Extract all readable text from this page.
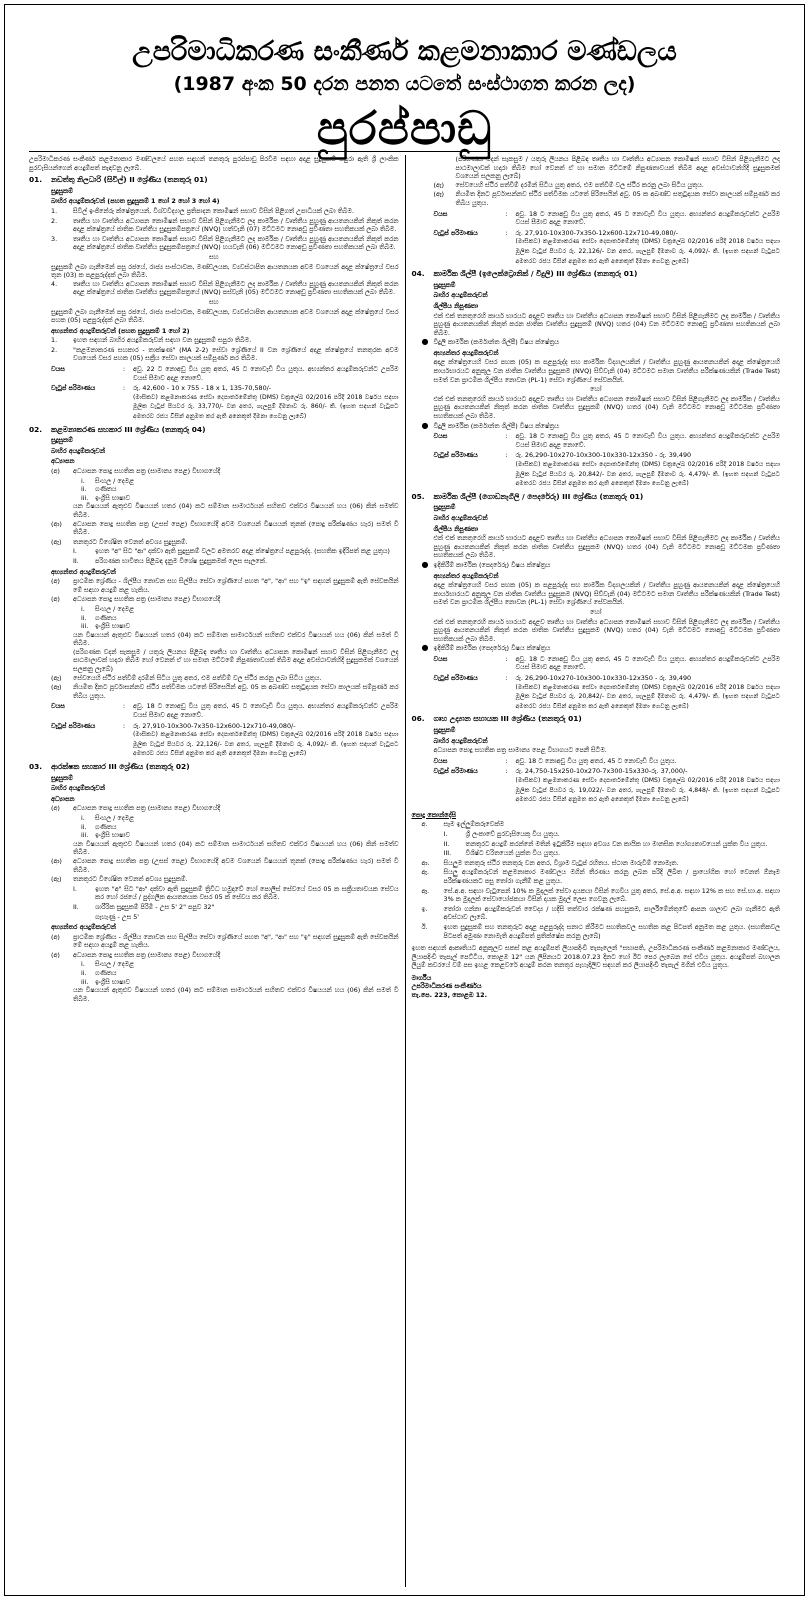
උපරිමාධිකරණ සංකීර්ණ කළමනාකාර මණ්ඩලය
(1987 අංක 50 දරන පනත යටතේ සංස්ථාගත කරන ලද)
පුරප්පාඩු
උපරිමාධිකරණ සංකීර්ණ කළමනාකාර මණ්ඩලයේ පහත සඳහන් තනතුරු පුරප්පාඩු පිරවීම සඳහා අදාළ සුදුසුකම් සපුරා ඇති ශ්‍රී ලාංකික පුරවැසියන්ගෙන් අයදුම්පත් කැඳවනු ලැබේ.
01.	නඩත්තු නිලධාරි (සිවිල්) II ශ්‍රේණිය (තනතුරු 01)
සුදුසුකම්
බාහිර අයදුම්කරුවන් (පහත සුදුසුකම් 1 හෝ 2 හෝ 3 හෝ 4)
1.	සිවිල් ඉංජිනේරු ක්ෂේත්‍රයෙන්, විශ්වවිද්‍යාල ප්‍රතිපාදන කොමිෂන් සභාව විසින් පිළිගත් උපාධියක් ලබා තිබීම.
2.	තෘතීය හා වෘත්තීය අධ්‍යාපන කොමිෂන් සභාව විසින් පිළිගැනීමට ලද කාර්මික / වෘත්තීය පුහුණු ආයතනයකින් නිකුත් කරන අදාළ ක්ෂේත්‍රයේ ජාතික වෘත්තීය සුදුසුකම්පත්‍රයේ (NVQ) හත්වැනි (07) මට්ටමට නොඅඩු ප්‍රවීණතා සහතිකයක් ලබා තිබීම.
3.	තෘතීය හා වෘත්තීය අධ්‍යාපන කොමිෂන් සභාව විසින් පිළිගැනීමට ලද කාර්මික / වෘත්තීය පුහුණු ආයතනයකින් නිකුත් කරන අදාළ ක්ෂේත්‍රයේ ජාතික වෘත්තීය සුදුසුකම්පත්‍රයේ (NVQ) හයවැනි (06) මට්ටමට නොඅඩු ප්‍රවීණතා සහතිකයක් ලබා තිබීම.
සහ
සුදුසුකම් ලබා ගැනීමෙන් පසු රජයේ, රාජ්‍ය සංස්ථාවක, මණ්ඩලයක, ව්‍යවස්ථාපිත ආයතනයක අවම වශයෙන් අදාළ ක්ෂේත්‍රයේ වසර තුන (03) ක පළපුරුද්දක් ලබා තිබීම.
4.	තෘතීය හා වෘත්තීය අධ්‍යාපන කොමිෂන් සභාව විසින් පිළිගැනීමට ලද කාර්මික / වෘත්තීය පුහුණු ආයතනයකින් නිකුත් කරන අදාළ ක්ෂේත්‍රයේ ජාතික වෘත්තීය සුදුසුකම්පත්‍රයේ (NVQ) පස්වැනි (05) මට්ටමට නොඅඩු ප්‍රවීණතා සහතිකයක් ලබා තිබීම.
සහ
සුදුසුකම් ලබා ගැනීමෙන් පසු රජයේ, රාජ්‍ය සංස්ථාවක, මණ්ඩලයක, ව්‍යවස්ථාපිත ආයතනයක අවම වශයෙන් අදාළ ක්ෂේත්‍රයේ වසර පහක (05) පළපුරුද්දක් ලබා තිබීම.
අභ්‍යන්තර අයදුම්කරුවන් (පහත සුදුසුකම් 1 හෝ 2)
1.	ඉහත සඳහන් බාහිර අයදුම්කරුවන් සඳහා වන සුදුසුකම් සපුරා තිබීම.
2.	"කළමනාකරණ සහකාර - තාක්ෂණ" (MA 2-2) සේවා ශ්‍රේණියේ II වන ශ්‍රේණියේ අදාළ ක්ෂේත්‍රයේ තනතුරක අවම වශයෙන් වසර පහක (05) සක්‍රීය සේවා කාලයක් සම්පූර්ණ කර තිබීම.
වයස	:	අවු. 22 ට නොඅඩු විය යුතු අතර, 45 ට නොවැඩි විය යුතුය. අභ්‍යන්තර අයදුම්කරුවන්ට උපරිම වයස් සීමාව අදාළ නොවේ.
වැටුප් පරිමාණය	:	රු. 42,600 - 10 x 755 - 18 x 1, 135-70,580/-
(මාසිකව) කළමනාකරණ සේවා දෙපාර්තමේන්තු (DMS) චක්‍රලේඛ 02/2016 පරිදි 2018 වර්ෂය සඳහා මූලික වැටුප් පියවර රු. 33,770/- වන අතර, ශැලපුම් දීමනාව රු. 860/- කි. (ඉහත සඳහන් වැටුපට අමතරව රජය විසින් අනුමත කර ඇති අනෙකුත් දීමනා ගෙවනු ලැබේ)
02.	කළමනාකරණ සහකාර III ශ්‍රේණිය (තනතුරු 04)
සුදුසුකම්
බාහිර අයදුම්කරුවන්
අධ්‍යාපන
(අ)	අධ්‍යාපන පොදු සහතික පත්‍ර (සාමාන්‍ය පෙළ) විභාගයේදී
i.	සිංහල / දෙමළ
ii.	ගණිතය
iii.	ඉංග්‍රීසි භාෂාව
යන විෂයයන් ඇතුළුව විෂයයන් හතර (04) කට සම්මාන සාමාර්ථයන් සහිතව එක්වර විෂයයන් හය (06) කින් සමත්ව තිබීම.
(ආ)	අධ්‍යාපන පොදු සහතික පත්‍ර (උසස් පෙළ) විභාගයේදී අවම වශයෙන් විෂයයන් තුනක් (පොදු පරීක්ෂණය හැර) සමත් වී තිබීම.
(ඇ)	තනතුරට විශේෂිත වෙනත් අවශ්‍ය සුදුසුකම්.
I.	ඉහත "අ" සිට "ආ" දක්වා ඇති සුදුසුකම් වලට අමතරව අදාළ ක්ෂේත්‍රයේ පළපුරුද්ද. (සහතික ඉදිරිපත් කළ යුතුය)
II.	පරිගණක භාවිතය පිළිබඳ දැනුම විශේෂ සුදුසුකමක් ලෙස සැලකේ.
අභ්‍යන්තර අයදුම්කරුවන්
(අ)	ප්‍රාථමික ශ්‍රේණිය - ශිල්පීය නොවන සහ සිල්පීය සේවා ශ්‍රේණියේ පහත "අ", "ආ" සහ "ඉ" සඳහන් සුදුසුකම් ඇති සේවකයින් මේ සඳහා අයදුම් කළ හැකිය.
(අ)	අධ්‍යාපන පොදු සහතික පත්‍ර (සාමාන්‍ය පෙළ) විභාගයේදී
i.	සිංහල / දෙමළ
ii.	ගණිතය
iii.	ඉංග්‍රීසි භාෂාව
යන විෂයයන් ඇතුළුව විෂයයන් හතර (04) කට සම්මාන සාමාර්ථයන් සහිතව එක්වර විෂයයන් හය (06) කින් සමත් වී තිබීම.
(පරිගණක වදන් සැකසුම / යතුරු ලියනය පිළිබඳ තෘතීය හා වෘත්තීය අධ්‍යාපන කොමිෂන් සභාව විසින් පිළිගැනීමට ලද පාඨමාලාවක් හදාරා තිබීම හෝ වෙනත් ඒ හා සමාන මට්ටමේ නිපුණතාවයක් තිබීම අදාළ අවස්ථාවන්හිදී සුදුසුකමක් වශයෙන් සලකනු ලැබේ)
(ඇ)	සේවයෙහි ස්ථිර පත්වීම් දරමින් සිටිය යුතු අතර, එම පත්වීම් වල ස්ථිර කරනු ලබා සිටිය යුතුය.
(ඈ)	නියමිත දිනට පූර්වාසන්නව ස්ථිර පත්වීමක යටතේ පිරිසෙයින් අවු. 05 ක අඛණ්ඩ සතුටුදායක සේවා කාලයක් සම්පූර්ණ කර තිබිය යුතුය.
වයස	:	අවු. 18 ට නොඅඩු විය යුතු අතර, 45 ට නොවැඩි විය යුතුය. අභ්‍යන්තර අයදුම්කරුවන්ට උපරිම වයස් සීමාව අදාළ නොවේ.
වැටුප් පරිමාණය	:	රු. 27,910-10x300-7x350-12x600-12x710-49,080/-
(මාසිකව) කළමනාකරණ සේවා දෙපාර්තමේන්තු (DMS) චක්‍රලේඛ 02/2016 පරිදි 2018 වර්ෂය සඳහා මූලික වැටුප් පියවර රු. 22,126/- වන අතර, ශැලපුම් දීමනාව රු. 4,092/- කි. (ඉහත සඳහන් වැටුපට අමතරව රජය විසින් අනුමත කර ඇති අනෙකුත් දීමනා ගෙවනු ලැබේ)
03.	ආරක්ෂක සහකාර III ශ්‍රේණිය (තනතුරු 02)
සුදුසුකම්
බාහිර අයදුම්කරුවන්
අධ්‍යාපන
(අ)	අධ්‍යාපන පොදු සහතික පත්‍ර (සාමාන්‍ය පෙළ) විභාගයේදී
i.	සිංහල / දෙමළ
ii.	ගණිතය
iii.	ඉංග්‍රීසි භාෂාව
යන විෂයයන් ඇතුළුව විෂයයන් හතර (04) කට සම්මාන සාමාර්ථයන් සහිතව එක්වර විෂයයන් හය (06) කින් සමත්ව තිබීම.
(ආ)	අධ්‍යාපන පොදු සහතික පත්‍ර (උසස් පෙළ) විභාගයේදී අවම වශයෙන් විෂයයන් තුනක් (පොදු පරීක්ෂණය හැර) සමත් වී තිබීම.
(ඇ)	තනතුරට විශේෂිත වෙනත් අවශ්‍ය සුදුසුකම්.
I.	ඉහත "අ" සිට "ආ" දක්වා ඇති සුදුසුකම් ත්‍රිවිධ හමුදාවේ හෝ පොලිස් සේවයේ වසර 05 ක සක්‍රීයතාවයක සේවය කර හෝ රජයේ / පුද්ගලික ආයතනයක වසර 05 ක් සේවය කර තිබීම.
II.	ශාරීරික සුදුසුකම් පිරිමි - උස 5' 2" පපුව 32"
ගැහැණු - උස 5'
අභ්‍යන්තර අයදුම්කරුවන්
(අ)	ප්‍රාථමික ශ්‍රේණිය - ශිල්පීය නොවන සහ සිල්පීය සේවා ශ්‍රේණියේ පහත "අ", "ආ" සහ "ඉ" සඳහන් සුදුසුකම් ඇති සේවකයින් මේ සඳහා අයදුම් කළ හැකිය.
(අ)	අධ්‍යාපන පොදු සහතික පත්‍ර (සාමාන්‍ය පෙළ) විභාගයේදී
i.	සිංහල / දෙමළ
ii.	ගණිතය
iii.	ඉංග්‍රීසි භාෂාව
යන විෂයයන් ඇතුළුව විෂයයන් හතර (04) කට සම්මාන සාමාර්ථයන් සහිතව එක්වර විෂයයන් හය (06) කින් සමත් වී තිබීම.
(පරිගණක වදන් සැකසුම / යතුරු ලියනය පිළිබඳ තෘතීය හා වෘත්තීය අධ්‍යාපන කොමිෂන් සභාව විසින් පිළිගැනීමට ලද පාඨමාලාවක් හදාරා තිබීම හෝ වෙනත් ඒ හා සමාන මට්ටමේ නිපුණතාවයක් තිබීම අදාළ අවස්ථාවන්හිදී සුදුසුකමක් වශයෙන් සලකනු ලැබේ)
(ඇ)	සේවයෙහි ස්ථිර පත්වීම් දරමින් සිටිය යුතු අතර, එම පත්වීම් වල ස්ථිර කරනු ලබා සිටිය යුතුය.
(ඈ)	නියමිත දිනට පූර්වාසන්නව ස්ථිර පත්වීමක යටතේ පිරිසෙයින් අවු. 05 ක අඛණ්ඩ සතුටුදායක සේවා කාලයක් සම්පූර්ණ කර තිබිය යුතුය.
වයස	:	අවු. 18 ට නොඅඩු විය යුතු අතර, 45 ට නොවැඩි විය යුතුය. අභ්‍යන්තර අයදුම්කරුවන්ට උපරිම වයස් සීමාව අදාළ නොවේ.
වැටුප් පරිමාණය	:	රු. 27,910-10x300-7x350-12x600-12x710-49,080/-
(මාසිකව) කළමනාකරණ සේවා දෙපාර්තමේන්තු (DMS) චක්‍රලේඛ 02/2016 පරිදි 2018 වර්ෂය සඳහා මූලික වැටුප් පියවර රු. 22,126/- වන අතර, ශැලපුම් දීමනාව රු. 4,092/- කි. (ඉහත සඳහන් වැටුපට අමතරව රජය විසින් අනුමත කර ඇති අනෙකුත් දීමනා ගෙවනු ලැබේ)
04.	කාර්මික ශිල්පී (ඉලෙක්ට්‍රොනික් / විදුලි) III ශ්‍රේණිය (තනතුරු 01)
සුදුසුකම්
බාහිර අයදුම්කරුවන්
ශිල්පීය නිපුණතා
එක් එක් තනතුරෙහි කාර්ය භාරයට අදාළව තෘතීය හා වෘත්තීය අධ්‍යාපන කොමිෂන් සභාව විසින් පිළිගැනීමට ලද කාර්මික / වෘත්තීය පුහුණු ආයතනයකින් නිකුත් කරන ජාතික වෘත්තීය සුදුසුකම් (NVQ) හතර (04) වන මට්ටමට නොඅඩු ප්‍රවීණතා සහතිකයක් ලබා තිබීම.
● විදුලි කාර්මික (කර්මාන්ත ශිල්පී) විෂය ක්ෂේත්‍රය
අභ්‍යන්තර අයදුම්කරුවන්
අදාළ ක්ෂේත්‍රයෙහි වසර පහක (05) ක පළපුරුද්ද සහ කාර්මික විද්‍යාලයකින් / වෘත්තීය පුහුණු ආයතනයකින් අදාළ ක්ෂේත්‍රයෙහි කාර්යභාරයට අනුකූල වන ජාතික වෘත්තීය සුදුසුකම (NVQ) සිව්වැනි (04) මට්ටමට සමාන වෘත්තීය පරීක්ෂණයකින් (Trade Test) සමත් වන ප්‍රාථමික ශිල්පීය නොවන (PL-1) සේවා ශ්‍රේණියේ සේවකයින්.
හෝ
එක් එක් තනතුරෙහි කාර්ය භාරයට අදාළව තෘතීය හා වෘත්තීය අධ්‍යාපන කොමිෂන් සභාව විසින් පිළිගැනීමට ලද කාර්මික / වෘත්තීය පුහුණු ආයතනයකින් නිකුත් කරන ජාතික වෘත්තීය සුදුසුකම් (NVQ) හතර (04) වැනි මට්ටමට නොඅඩු මට්ටමක ප්‍රවීණතා සහතිකයක් ලබා තිබීම.
● විදුලි කාර්මික (කර්මාන්ත ශිල්පී) විෂය ක්ෂේත්‍රය
වයස	:	අවු. 18 ට නොඅඩු විය යුතු අතර, 45 ට නොවැඩි විය යුතුය. අභ්‍යන්තර අයදුම්කරුවන්ට උපරිම වයස් සීමාව අදාළ නොවේ.
වැටුප් පරිමාණය	:	රු. 26,290-10x270-10x300-10x330-12x350 - රු. 39,490
(මාසිකව) කළමනාකරණ සේවා දෙපාර්තමේන්තු (DMS) චක්‍රලේඛ 02/2016 පරිදි 2018 වර්ෂය සඳහා මූලික වැටුප් පියවර රු. 20,842/- වන අතර, ශැලපුම් දීමනාව රු. 4,479/- කි. (ඉහත සඳහන් වැටුපට අමතරව රජය විසින් අනුමත කර ඇති අනෙකුත් දීමනා ගෙවනු ලැබේ)
05.	කාර්මික ශිල්පී (ගොඩනැගිලි / පෙදරේරු) III ශ්‍රේණිය (තනතුරු 01)
සුදුසුකම්
බාහිර අයදුම්කරුවන්
ශිල්පීය නිපුණතා
එක් එක් තනතුරෙහි කාර්ය භාරයට අදාළව තෘතීය හා වෘත්තීය අධ්‍යාපන කොමිෂන් සභාව විසින් පිළිගැනීමට ලද කාර්මික / වෘත්තීය පුහුණු ආයතනයකින් නිකුත් කරන ජාතික වෘත්තීය සුදුසුකම (NVQ) හතර (04) වැනි මට්ටමට නොඅඩු මට්ටමක ප්‍රවීණතා සහතිකයක් ලබා තිබීම.
● ඉදිකිරීම් කාර්මික (පෙදරේරු) විෂය ක්ෂේත්‍රය
අභ්‍යන්තර අයදුම්කරුවන්
අදාළ ක්ෂේත්‍රයෙහි වසර පහක (05) ක පළපුරුද්ද සහ කාර්මික විද්‍යාලයකින් / වෘත්තීය පුහුණු ආයතනයකින් අදාළ ක්ෂේත්‍රයෙහි කාර්යභාරයට අනුකූල වන ජාතික වෘත්තීය සුදුසුකම (NVQ) සිව්වැනි (04) මට්ටමට සමාන වෘත්තීය පරීක්ෂණයකින් (Trade Test) සමත් වන ප්‍රාථමික ශිල්පීය නොවන (PL-1) සේවා ශ්‍රේණියේ සේවකයින්.
හෝ
එක් එක් තනතුරෙහි කාර්ය භාරයට අදාළව තෘතීය හා වෘත්තීය අධ්‍යාපන කොමිෂන් සභාව විසින් පිළිගැනීමට ලද කාර්මික / වෘත්තීය පුහුණු ආයතනයකින් නිකුත් කරන ජාතික වෘත්තීය සුදුසුකම (NVQ) හතර (04) වැනි මට්ටමට නොඅඩු මට්ටමක ප්‍රවීණතා සහතිකයක් ලබා තිබීම.
● ඉදිකිරීම් කාර්මික (පෙදරේරු) විෂය ක්ෂේත්‍රය
වයස	:	අවු. 18 ට නොඅඩු විය යුතු අතර, 45 ට නොවැඩි විය යුතුය. අභ්‍යන්තර අයදුම්කරුවන්ට උපරිම වයස් සීමාව අදාළ නොවේ.
වැටුප් පරිමාණය	:	රු. 26,290-10x270-10x300-10x330-12x350 - රු. 39,490
(මාසිකව) කළමනාකරණ සේවා දෙපාර්තමේන්තු (DMS) චක්‍රලේඛ 02/2016 පරිදි 2018 වර්ෂය සඳහා මූලික වැටුප් පියවර රු. 20,842/- වන අතර, ශැලපුම් දීමනාව රු. 4,479/- කි. (ඉහත සඳහන් වැටුපට අමතරව රජය විසින් අනුමත කර ඇති අනෙකුත් දීමනා ගෙවනු ලැබේ)
06.	ගෘහ උද්‍යාන සහායක III ශ්‍රේණිය (තනතුරු 01)
සුදුසුකම්
බාහිර අයදුම්කරුවන්
අධ්‍යාපන පොදු සහතික පත්‍ර සාමාන්‍ය පෙළ විභාගයට පෙනී සිටීම.
වයස	:	අවු. 18 ට නොඅඩු විය යුතු අතර, 45 ට නොවැඩි විය යුතුය.
වැටුප් පරිමාණය	:	රු. 24,750-15x250-10x270-7x300-15x330-රු. 37,000/-
(මාසිකව) කළමනාකරණ සේවා දෙපාර්තමේන්තු (DMS) චක්‍රලේඛ 02/2016 පරිදි 2018 වර්ෂය සඳහා මූලික වැටුප් පියවර රු. 19,022/- වන අතර, ශැලපුම් දීමනාව රු. 4,848/- කි. (ඉහත සඳහන් වැටුපට අමතරව රජය විසින් අනුමත කර ඇති අනෙකුත් දීමනා ගෙවනු ලැබේ)
පොදු කොන්දේසි
අ.	සෑම ඉල්ලුම්කරුවෙක්ම
I.	ශ්‍රී ලංකාවේ පුරවැසියෙකු විය යුතුය.
II.	තනතුරට අයදුම් කරන්නේ මතින් ඉටුකිරීම සඳහා අවශ්‍ය වන කායික හා මානසික යෝග්‍යතාවයෙන් යුක්ත විය යුතුය.
III.	විශිෂ්ට චරිතයෙන් යුක්ත විය යුතුය.
ආ.	සියලුම තනතුරු ස්ථිර තනතුරු වන අතර, විශ්‍රාම වැටුප් රහිතය. ස්ථාන මාරුවීම් නොමැත.
ඇ.	සියලු අයදුම්කරුවන් කළමනාකාර මණ්ඩලය මගින් තීරණය කරනු ලබන පරිදි ලිඛිත / ප්‍රායෝගික හෝ වෙනත් ඕනෑම පරීක්ෂණයකට පසු තෝරා ගැනීම් කළ යුතුය.
ඈ.	සේ.අ.අ. සඳහා වැටුපෙන් 10% ක මුදලක් සේවා දායකයා විසින් ගෙවිය යුතු අතර, සේ.අ.අ. සඳහා 12% ක සහ සේ.භා.අ. සඳහා 3% ක මුදලක් සේවායෝජකයා විසින් දායක මුදල් ලෙස ගෙවනු ලැබේ.
ඉ.	තෝරා ගන්නා අයදුම්කරුවන් වෛද්‍ය / හදිසි තත්වාර රක්ෂණ පහසුකම, පාර්ලිමේන්තුවේ ආපන ශාලාව ලබා ගැනීමට ඇති අවස්ථාව ලැබේ.
ඊ.	ඉහත සුදුසුකම් සහ තනතුරුට අදාළ පළපුරුද්ද සනාථ කිරීමට සහතිකවල සහතික කළ පිටපත් අනුමත කළ යුතුය. (සහතිකවල පිටපත් අමුණා නොමැති අයදුම්පත් ප්‍රතික්ෂේප කරනු ලැබේ)
ඉහත සඳහන් ආකෘතියට අනුකූලව සකස් කළ අයදුම්පත් ලියාපදිංචි තැපෑලෙන් "සභාපති, උපරිමාධිකරණ සංකීර්ණ කළමනාකාර මණ්ඩලය, ලියාපදිංචි තැපැල් පෙට්ටිය, කොළඹ 12" යන ලිපිනයට 2018.07.23 දිනට හෝ ඊට පෙර ලැබෙන සේ එවිය යුතුය. අයදුම්පත් බහාලන ලියුම් කවරයේ වම් පස ඉහළ කෙළවරේ අයදුම් කරන තනතුර පැහැදිලිව සඳහන් කර ලියාපදිංචි තැපැල් මගින් එවිය යුතුය.
මාර්ගීය
උපරිමාධිකරණ සංකීර්ණය
තැ.පෙ. 223, කොළඹ 12.
